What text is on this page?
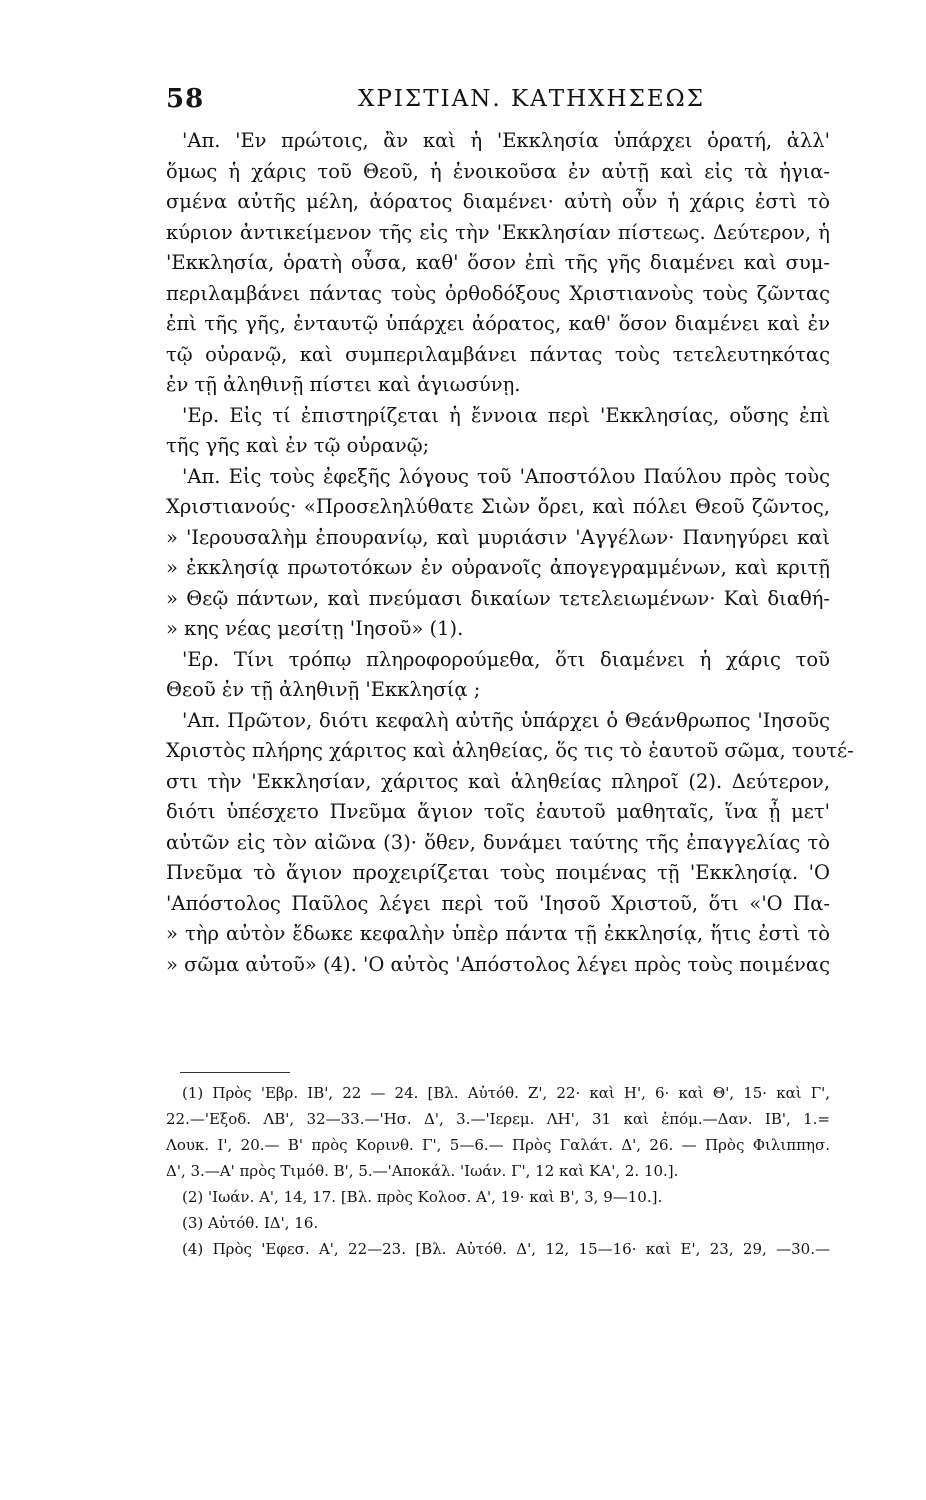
58	ΧΡΙΣΤΙΑΝ. ΚΑΤΗΧΗΣΕΩΣ
'Απ. 'Εν πρώτοις, ἂν καὶ ἡ 'Εκκλησία ὑπάρχει ὁρατή, ἀλλ'
ὅμως ἡ χάρις τοῦ Θεοῦ, ἡ ἐνοικοῦσα ἐν αὐτῇ καὶ εἰς τὰ ἡγια-
σμένα αὐτῆς μέλη, ἀόρατος διαμένει· αὐτὴ οὖν ἡ χάρις ἐστὶ τὸ
κύριον ἀντικείμενον τῆς εἰς τὴν 'Εκκλησίαν πίστεως. Δεύτερον, ἡ
'Εκκλησία, ὁρατὴ οὖσα, καθ' ὅσον ἐπὶ τῆς γῆς διαμένει καὶ συμ-
περιλαμβάνει πάντας τοὺς ὀρθοδόξους Χριστιανοὺς τοὺς ζῶντας
ἐπὶ τῆς γῆς, ἐνταυτῷ ὑπάρχει ἀόρατος, καθ' ὅσον διαμένει καὶ ἐν
τῷ οὐρανῷ, καὶ συμπεριλαμβάνει πάντας τοὺς τετελευτηκότας
ἐν τῇ ἀληθινῇ πίστει καὶ ἁγιωσύνῃ.
'Ερ. Εἰς τί ἐπιστηρίζεται ἡ ἔννοια περὶ 'Εκκλησίας, οὔσης ἐπὶ
τῆς γῆς καὶ ἐν τῷ οὐρανῷ;
'Απ. Εἰς τοὺς ἐφεξῆς λόγους τοῦ 'Αποστόλου Παύλου πρὸς τοὺς
Χριστιανούς· «Προσεληλύθατε Σιὼν ὄρει, καὶ πόλει Θεοῦ ζῶντος,
» 'Ιερουσαλὴμ ἐπουρανίῳ, καὶ μυριάσιν 'Αγγέλων· Πανηγύρει καὶ
» ἐκκλησίᾳ πρωτοτόκων ἐν οὐρανοῖς ἀπογεγραμμένων, καὶ κριτῇ
» Θεῷ πάντων, καὶ πνεύμασι δικαίων τετελειωμένων· Καὶ διαθή-
» κης νέας μεσίτῃ 'Ιησοῦ» (1).
'Ερ. Τίνι τρόπῳ πληροφορούμεθα, ὅτι διαμένει ἡ χάρις τοῦ
Θεοῦ ἐν τῇ ἀληθινῇ 'Εκκλησίᾳ ;
'Απ. Πρῶτον, διότι κεφαλὴ αὐτῆς ὑπάρχει ὁ Θεάνθρωπος 'Ιησοῦς
Χριστὸς πλήρης χάριτος καὶ ἀληθείας, ὅς τις τὸ ἑαυτοῦ σῶμα, τουτέ-
στι τὴν 'Εκκλησίαν, χάριτος καὶ ἀληθείας πληροῖ (2). Δεύτερον,
διότι ὑπέσχετο Πνεῦμα ἅγιον τοῖς ἑαυτοῦ μαθηταῖς, ἵνα ᾖ μετ'
αὐτῶν εἰς τὸν αἰῶνα (3)· ὅθεν, δυνάμει ταύτης τῆς ἐπαγγελίας τὸ
Πνεῦμα τὸ ἅγιον προχειρίζεται τοὺς ποιμένας τῇ 'Εκκλησίᾳ. 'Ο
'Απόστολος Παῦλος λέγει περὶ τοῦ 'Ιησοῦ Χριστοῦ, ὅτι «'Ο Πα-
» τὴρ αὐτὸν ἔδωκε κεφαλὴν ὑπὲρ πάντα τῇ ἐκκλησίᾳ, ἥτις ἐστὶ τὸ
» σῶμα αὐτοῦ» (4). 'Ο αὐτὸς 'Απόστολος λέγει πρὸς τοὺς ποιμένας
(1) Πρὸς 'Εβρ. ΙΒ', 22 — 24. [Βλ. Αὐτόθ. Ζ', 22· καὶ Η', 6· καὶ Θ', 15· καὶ Γ',
22.—'Εξοδ. ΛΒ', 32—33.—'Ησ. Δ', 3.—'Ιερεμ. ΛΗ', 31 καὶ ἑπόμ.—Δαν. ΙΒ', 1.=
Λουκ. Ι', 20.— Β' πρὸς Κορινθ. Γ', 5—6.— Πρὸς Γαλάτ. Δ', 26. — Πρὸς Φιλιππησ.
Δ', 3.—Α' πρὸς Τιμόθ. Β', 5.—'Αποκάλ. 'Ιωάν. Γ', 12 καὶ ΚΑ', 2. 10.].
(2) 'Ιωάν. Α', 14, 17. [Βλ. πρὸς Κολοσ. Α', 19· καὶ Β', 3, 9—10.].
(3) Αὐτόθ. ΙΔ', 16.
(4) Πρὸς 'Εφεσ. Α', 22—23. [Βλ. Αὐτόθ. Δ', 12, 15—16· καὶ Ε', 23, 29, —30.—
